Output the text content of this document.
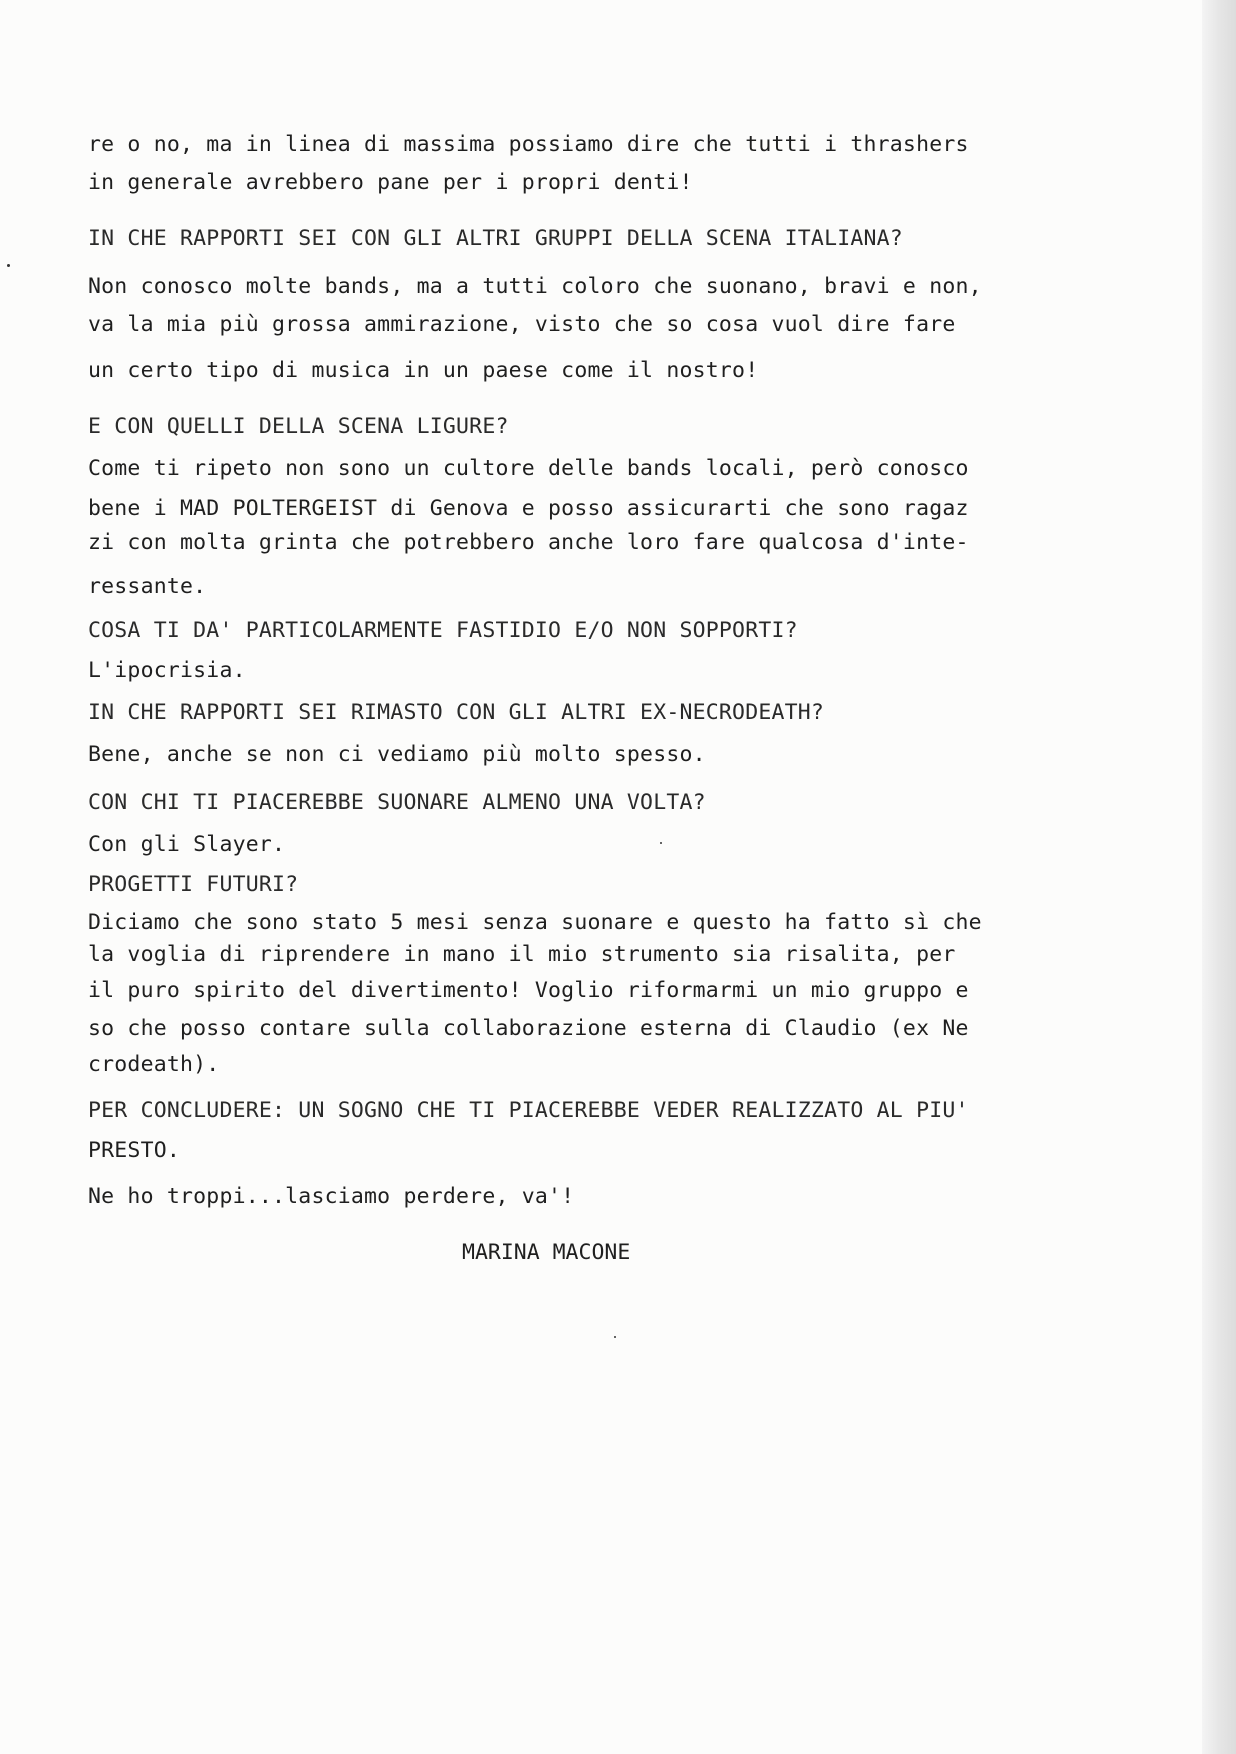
re o no, ma in linea di massima possiamo dire che tutti i thrashers
in generale avrebbero pane per i propri denti!
IN CHE RAPPORTI SEI CON GLI ALTRI GRUPPI DELLA SCENA ITALIANA?
Non conosco molte bands, ma a tutti coloro che suonano, bravi e non,
va la mia più grossa ammirazione, visto che so cosa vuol dire fare
un certo tipo di musica in un paese come il nostro!
E CON QUELLI DELLA SCENA LIGURE?
Come ti ripeto non sono un cultore delle bands locali, però conosco
bene i MAD POLTERGEIST di Genova e posso assicurarti che sono ragaz
zi con molta grinta che potrebbero anche loro fare qualcosa d'inte-
ressante.
COSA TI DA' PARTICOLARMENTE FASTIDIO E/O NON SOPPORTI?
L'ipocrisia.
IN CHE RAPPORTI SEI RIMASTO CON GLI ALTRI EX-NECRODEATH?
Bene, anche se non ci vediamo più molto spesso.
CON CHI TI PIACEREBBE SUONARE ALMENO UNA VOLTA?
Con gli Slayer.
PROGETTI FUTURI?
Diciamo che sono stato 5 mesi senza suonare e questo ha fatto sì che
la voglia di riprendere in mano il mio strumento sia risalita, per
il puro spirito del divertimento! Voglio riformarmi un mio gruppo e
so che posso contare sulla collaborazione esterna di Claudio (ex Ne
crodeath).
PER CONCLUDERE: UN SOGNO CHE TI PIACEREBBE VEDER REALIZZATO AL PIU'
PRESTO.
Ne ho troppi...lasciamo perdere, va'!
MARINA MACONE
